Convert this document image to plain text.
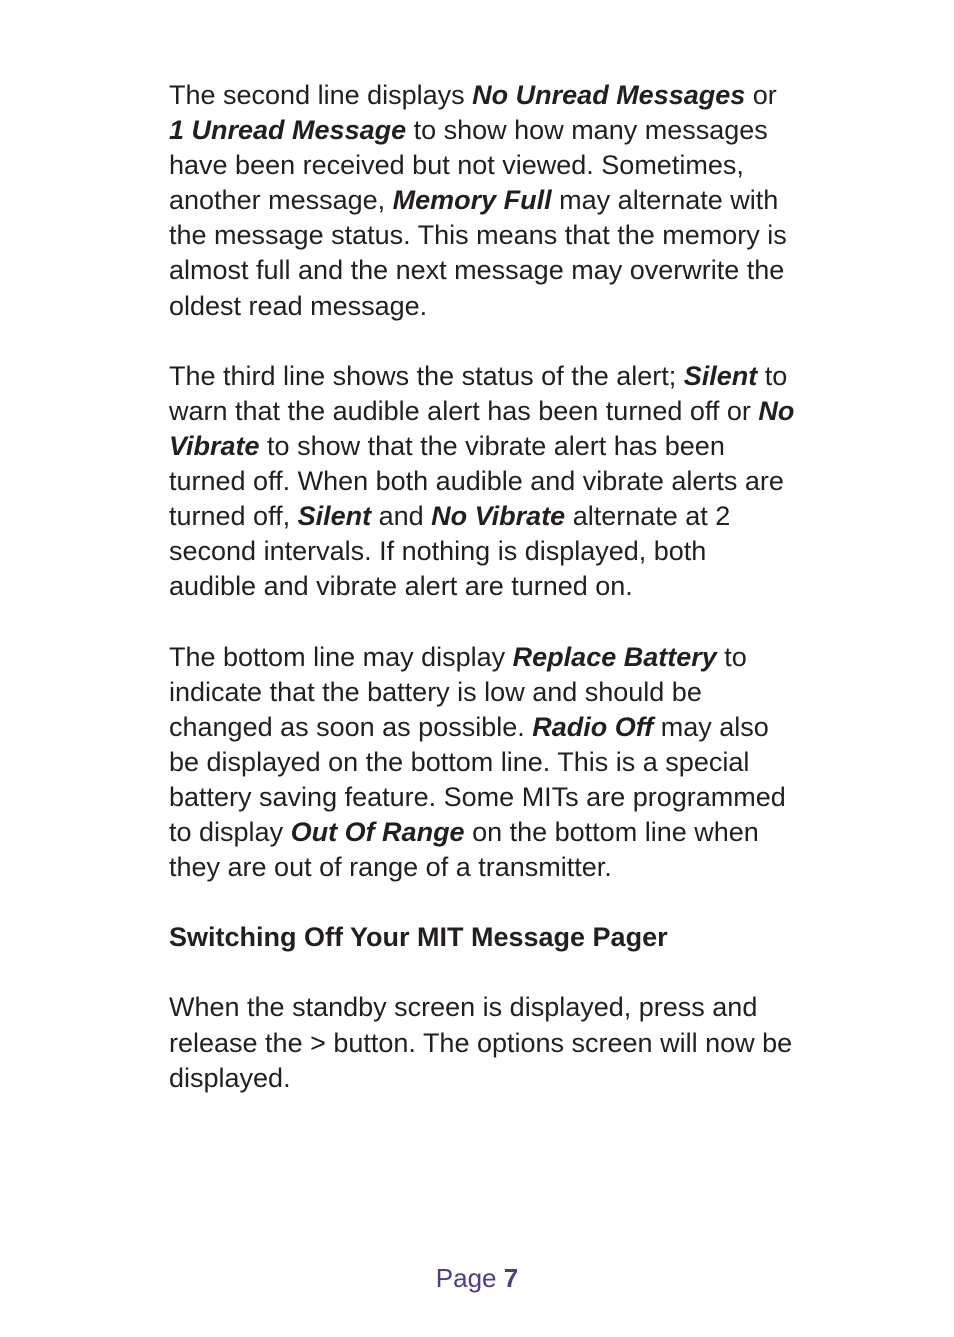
The second line displays No Unread Messages or 1 Unread Message to show how many messages have been received but not viewed. Sometimes, another message, Memory Full may alternate with the message status. This means that the memory is almost full and the next message may overwrite the oldest read message.

The third line shows the status of the alert; Silent to warn that the audible alert has been turned off or No Vibrate to show that the vibrate alert has been turned off. When both audible and vibrate alerts are turned off, Silent and No Vibrate alternate at 2 second intervals. If nothing is displayed, both audible and vibrate alert are turned on.

The bottom line may display Replace Battery to indicate that the battery is low and should be changed as soon as possible. Radio Off may also be displayed on the bottom line. This is a special battery saving feature. Some MITs are programmed to display Out Of Range on the bottom line when they are out of range of a transmitter.

Switching Off Your MIT Message Pager

When the standby screen is displayed, press and release the > button. The options screen will now be displayed.

Page 7
